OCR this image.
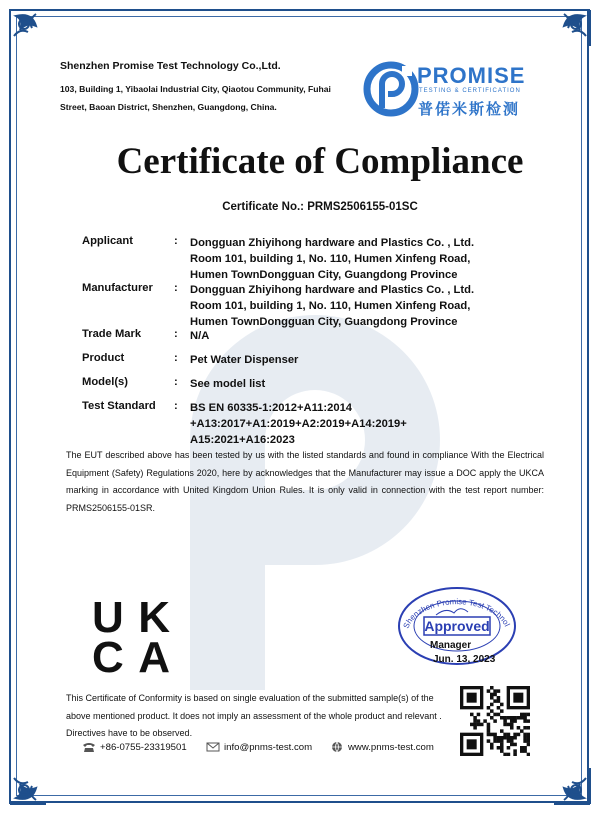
Shenzhen Promise Test Technology Co.,Ltd.
103, Building 1, Yibaolai Industrial City, Qiaotou Community, Fuhai
Street, Baoan District, Shenzhen, Guangdong, China.
PROMISE
TESTING & CERTIFICATION
普偌米斯检测
Certificate of Compliance
Certificate No.: PRMS2506155-01SC
Applicant	: Dongguan Zhiyihong hardware and Plastics Co. , Ltd.
Room 101, building 1, No. 110, Humen Xinfeng Road,
Humen TownDongguan City, Guangdong Province
Manufacturer : Dongguan Zhiyihong hardware and Plastics Co. , Ltd.
Room 101, building 1, No. 110, Humen Xinfeng Road,
Humen TownDongguan City, Guangdong Province
Trade Mark	: N/A
Product	: Pet Water Dispenser
Model(s)	: See model list
Test Standard : BS EN 60335-1:2012+A11:2014
+A13:2017+A1:2019+A2:2019+A14:2019+
A15:2021+A16:2023
The EUT described above has been tested by us with the listed standards and found in compliance With the Electrical Equipment (Safety) Regulations 2020, here by acknowledges that the Manufacturer may issue a DOC apply the UKCA marking in accordance with United Kingdom Union Rules. It is only valid in connection with the test report number: PRMS2506155-01SR.
UK
CA
Shenzhen Promise Test Technol
Approved
Manager
Jun. 13, 2023
This Certificate of Conformity is based on single evaluation of the submitted sample(s) of the above mentioned product. It does not imply an assessment of the whole product and relevant . Directives have to be observed.
+86-0755-23319501	info@pnms-test.com	www.pnms-test.com
